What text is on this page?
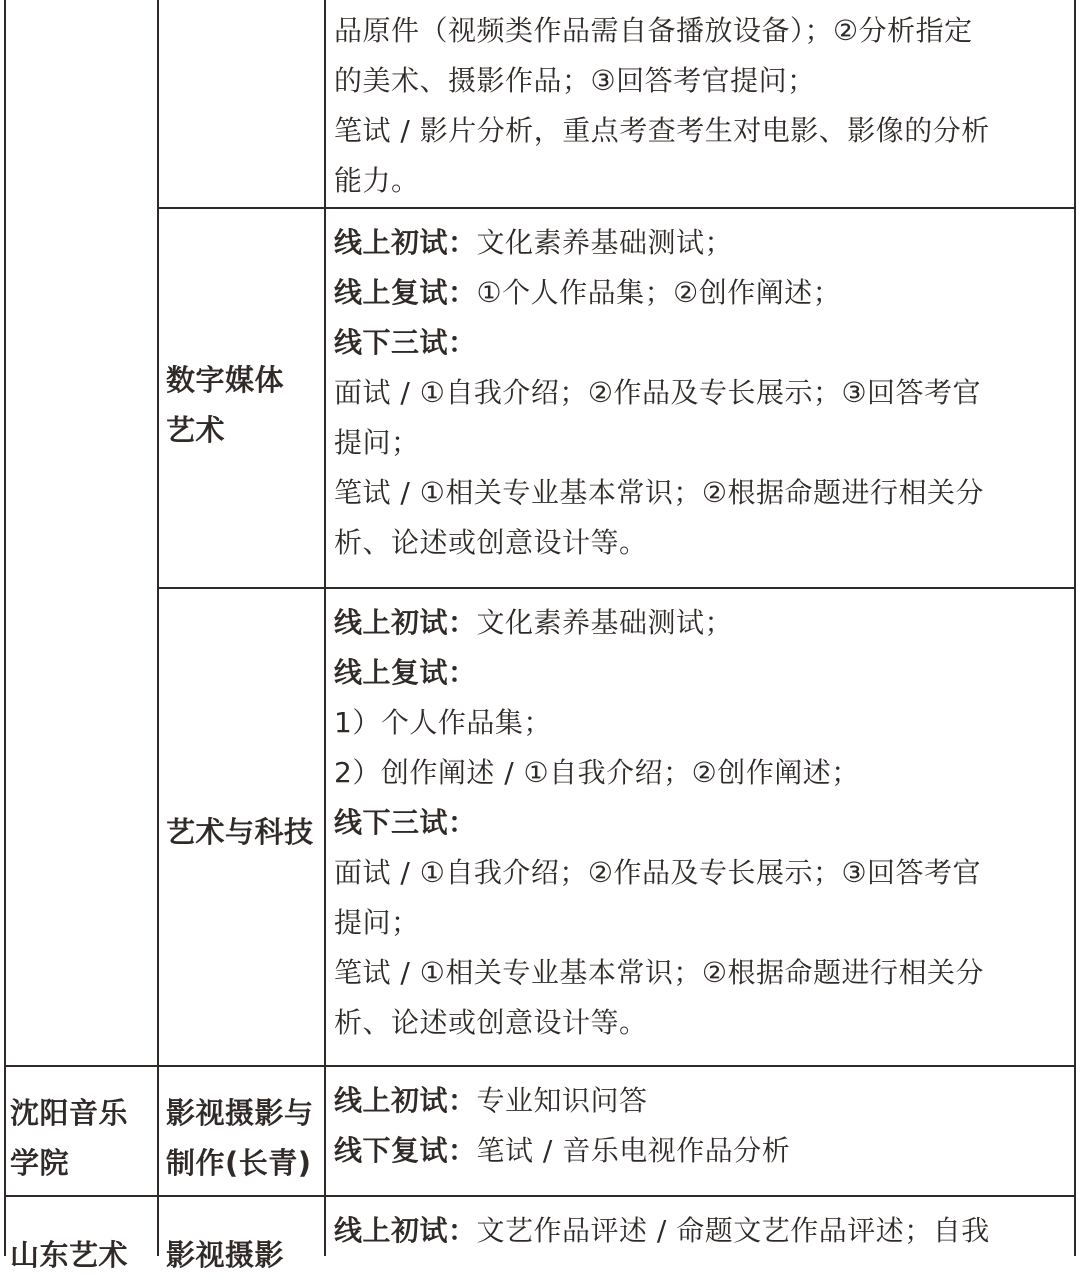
品原件（视频类作品需自备播放设备）；②分析指定
的美术、摄影作品；③回答考官提问；
笔试 / 影片分析，重点考查考生对电影、影像的分析
能力。
数字媒体
艺术
线上初试：文化素养基础测试；
线上复试：①个人作品集；②创作阐述；
线下三试：
面试 / ①自我介绍；②作品及专长展示；③回答考官
提问；
笔试 / ①相关专业基本常识；②根据命题进行相关分
析、论述或创意设计等。
艺术与科技
线上初试：文化素养基础测试；
线上复试：
1）个人作品集；
2）创作阐述 / ①自我介绍；②创作阐述；
线下三试：
面试 / ①自我介绍；②作品及专长展示；③回答考官
提问；
笔试 / ①相关专业基本常识；②根据命题进行相关分
析、论述或创意设计等。
沈阳音乐
学院
影视摄影与
制作(长青)
线上初试：专业知识问答
线下复试：笔试 / 音乐电视作品分析
山东艺术	影视摄影
线上初试：文艺作品评述 / 命题文艺作品评述；自我
